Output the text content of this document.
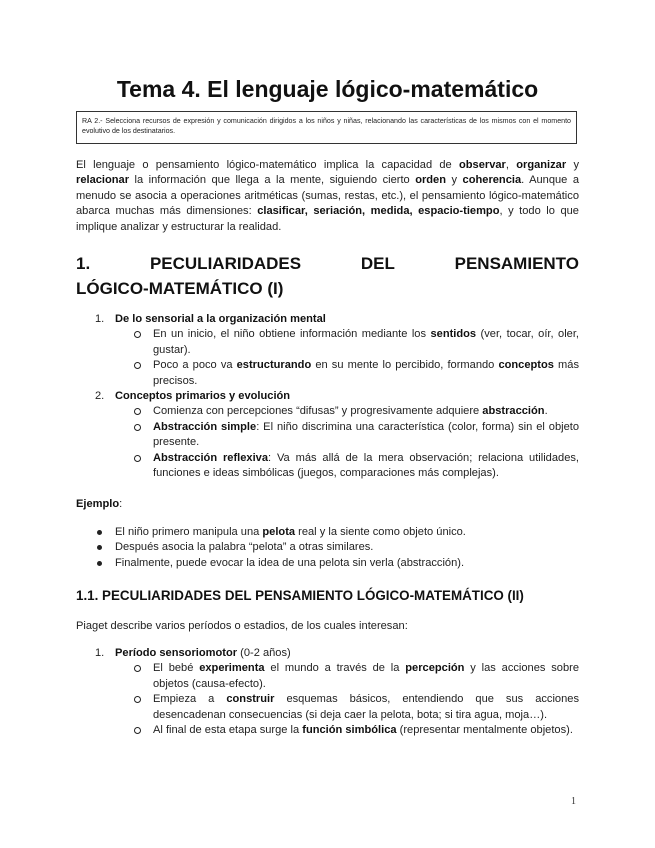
Tema 4. El lenguaje lógico-matemático
RA 2.- Selecciona recursos de expresión y comunicación dirigidos a los niños y niñas, relacionando las características de los mismos con el momento evolutivo de los destinatarios.

El lenguaje o pensamiento lógico-matemático implica la capacidad de observar, organizar y relacionar la información que llega a la mente, siguiendo cierto orden y coherencia. Aunque a menudo se asocia a operaciones aritméticas (sumas, restas, etc.), el pensamiento lógico-matemático abarca muchas más dimensiones: clasificar, seriación, medida, espacio-tiempo, y todo lo que implique analizar y estructurar la realidad.

1.	PECULIARIDADES	DEL	PENSAMIENTO
LÓGICO-MATEMÁTICO (I)
1. De lo sensorial a la organización mental
En un inicio, el niño obtiene información mediante los sentidos (ver, tocar, oír, oler, gustar).
Poco a poco va estructurando en su mente lo percibido, formando conceptos más precisos.
2. Conceptos primarios y evolución
Comienza con percepciones “difusas” y progresivamente adquiere abstracción.
Abstracción simple: El niño discrimina una característica (color, forma) sin el objeto presente.
Abstracción reflexiva: Va más allá de la mera observación; relaciona utilidades, funciones e ideas simbólicas (juegos, comparaciones más complejas).

Ejemplo:

El niño primero manipula una pelota real y la siente como objeto único.
Después asocia la palabra “pelota” a otras similares.
Finalmente, puede evocar la idea de una pelota sin verla (abstracción).
1.1. PECULIARIDADES DEL PENSAMIENTO LÓGICO-MATEMÁTICO (II)

Piaget describe varios períodos o estadios, de los cuales interesan:

1. Período sensoriomotor (0-2 años)
El bebé experimenta el mundo a través de la percepción y las acciones sobre objetos (causa-efecto).
Empieza a construir esquemas básicos, entendiendo que sus acciones desencadenan consecuencias (si deja caer la pelota, bota; si tira agua, moja…).
Al final de esta etapa surge la función simbólica (representar mentalmente objetos).
1
